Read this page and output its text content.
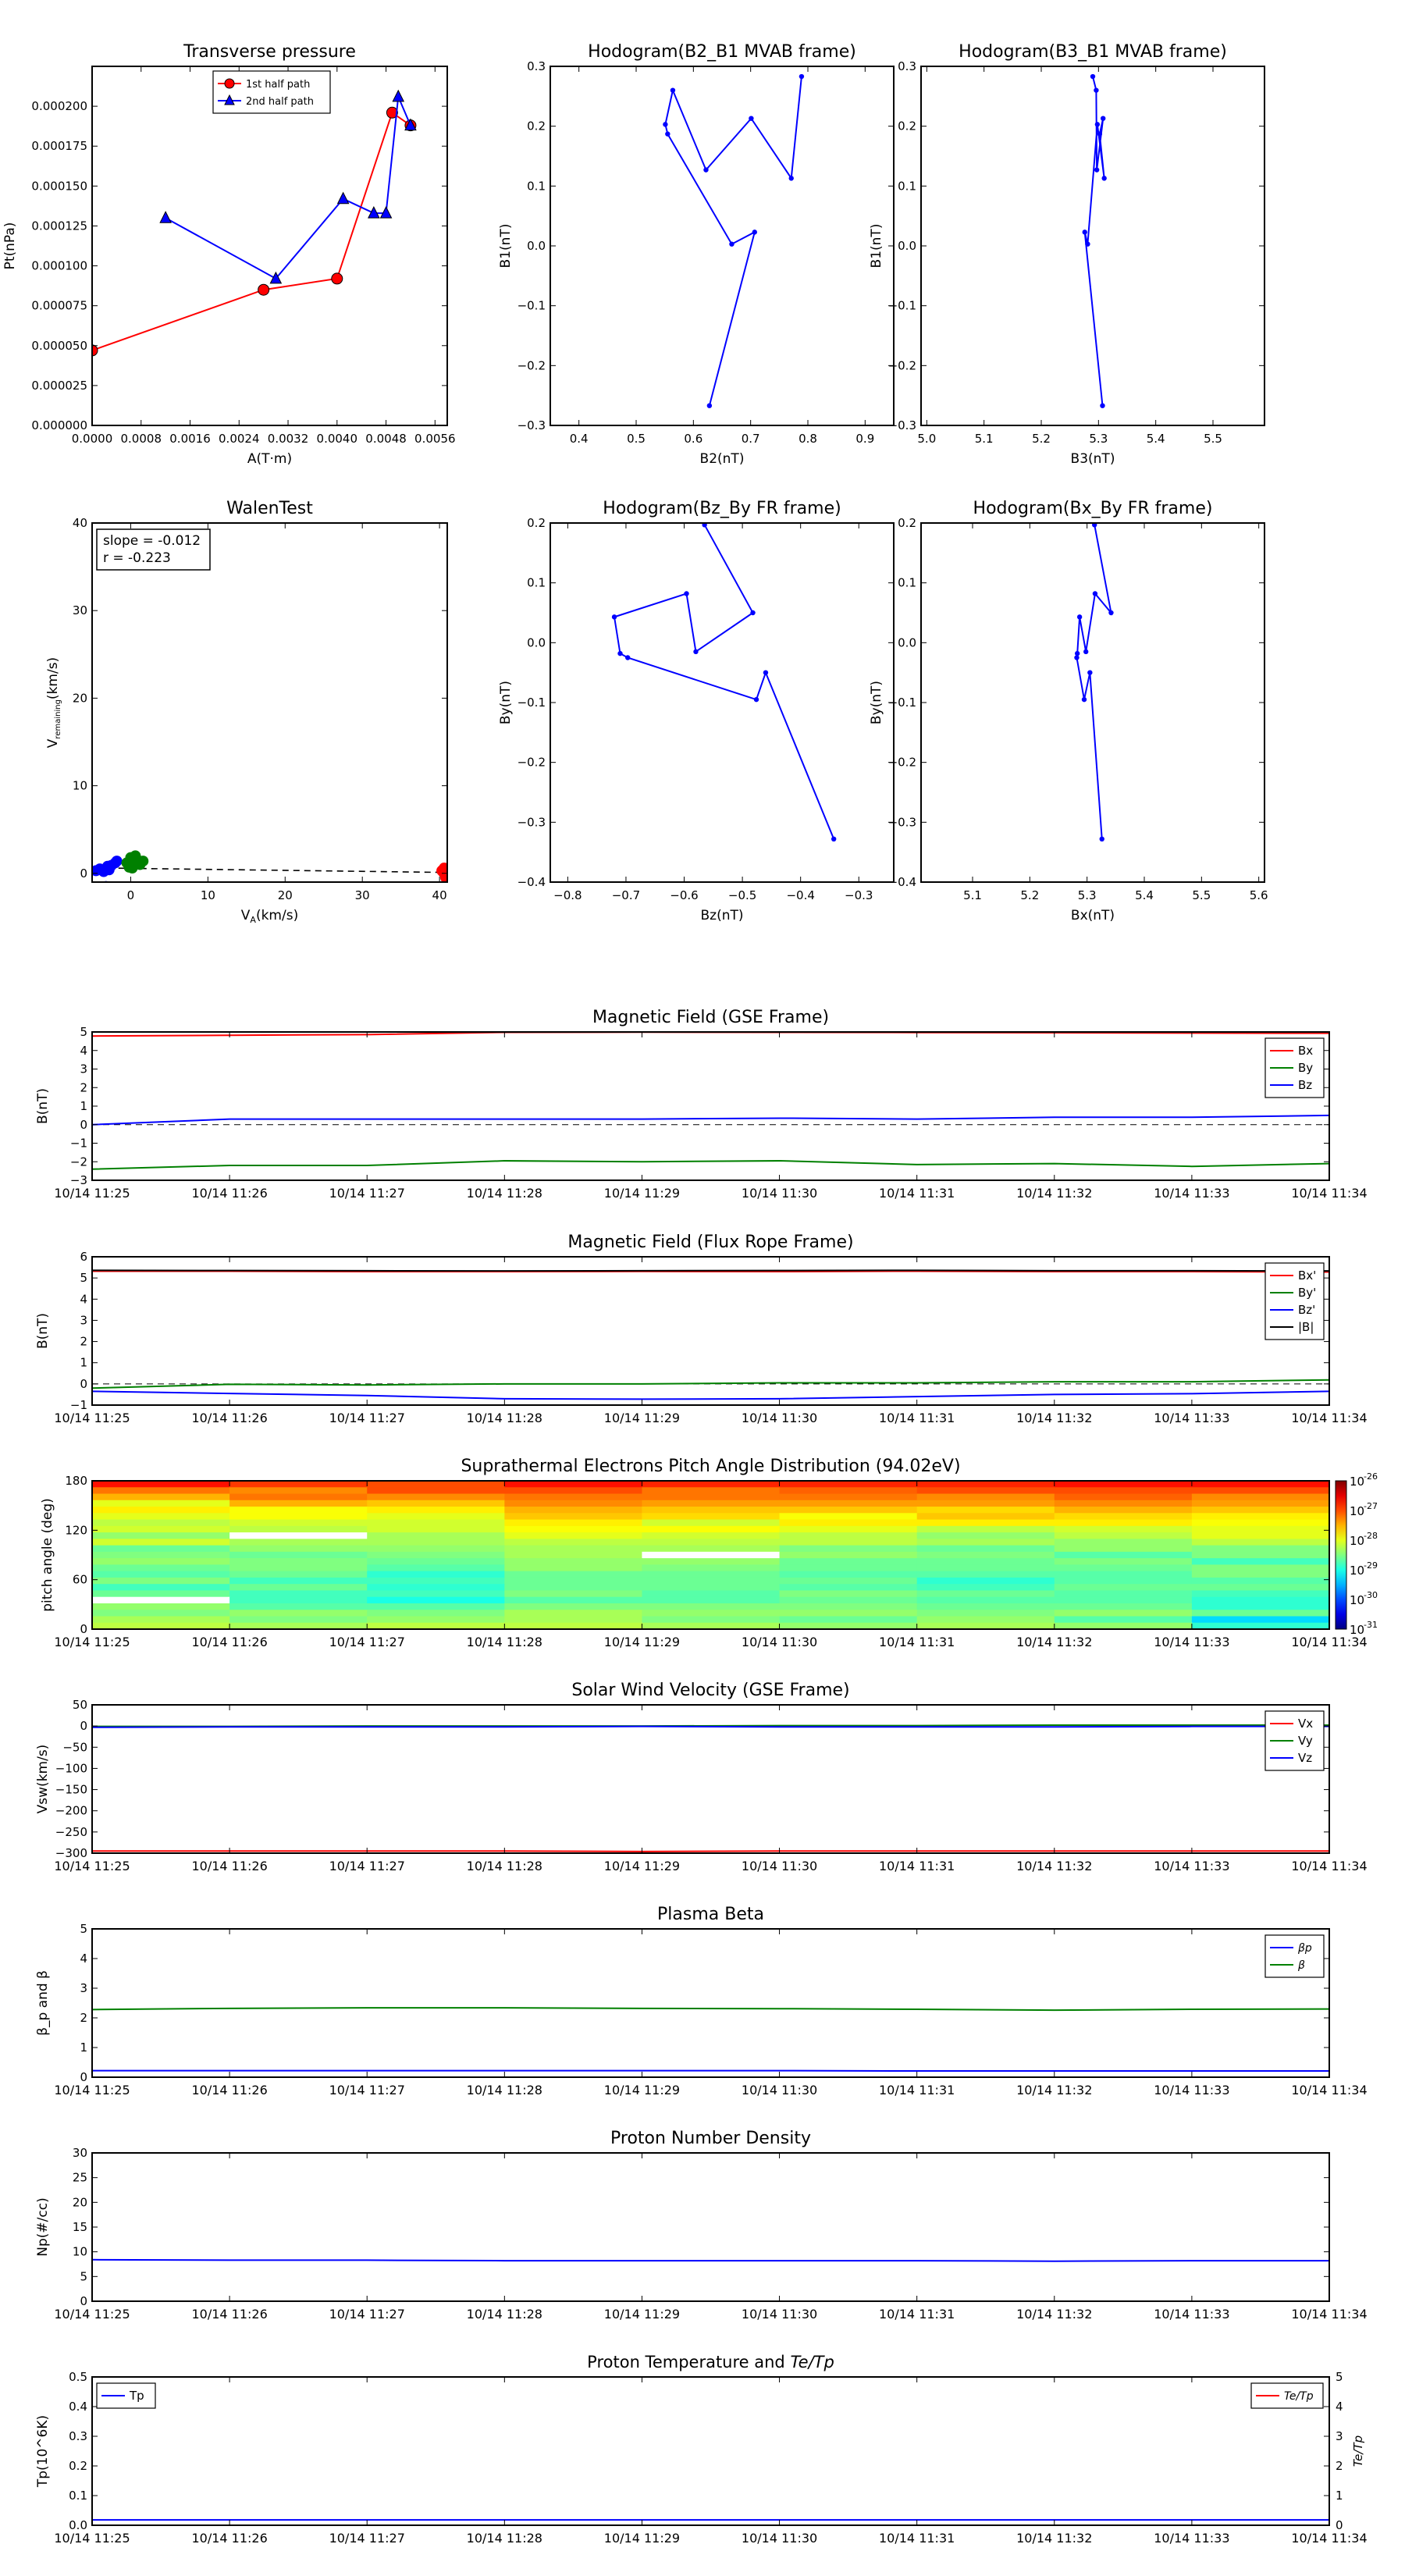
Transverse pressure
0.0000 0.0008 0.0016 0.0024 0.0032 0.0040 0.0048 0.0056
0.000000
0.000025
0.000050
0.000075
0.000100
0.000125
0.000150
0.000175
0.000200
A(T·m)
Pt(nPa)
1st half path
2nd half path
Hodogram(B2_B1 MVAB frame)
0.4	0.5	0.6	0.7	0.8	0.9
−0.3
−0.2
−0.1
0.0
0.1
0.2
0.3
B2(nT)
B1(nT)
Hodogram(B3_B1 MVAB frame)
5.0	5.1	5.2	5.3	5.4	5.5
−0.3
−0.2
−0.1
0.0
0.1
0.2
0.3
B3(nT)
B1(nT)
WalenTest
0	10	20	30	40
0
10
20
30
40
$V_A(km/s)$
$V_{remaining}(km/s)$
slope = -0.012
r = -0.223
Hodogram(Bz_By FR frame)
−0.8	−0.7	−0.6	−0.5	−0.4	−0.3
−0.4
−0.3
−0.2
−0.1
0.0
0.1
0.2
Bz(nT)
By(nT)
Hodogram(Bx_By FR frame)
5.1	5.2	5.3	5.4	5.5	5.6
−0.4
−0.3
−0.2
−0.1
0.0
0.1
0.2
Bx(nT)
By(nT)
Magnetic Field (GSE Frame)
10/14 11:25	10/14 11:26	10/14 11:27	10/14 11:28	10/14 11:29	10/14 11:30	10/14 11:31	10/14 11:32	10/14 11:33	10/14 11:34
−3
−2
−1
0
1
2
3
4
5
B(nT)
Bx
By
Bz
Magnetic Field (Flux Rope Frame)
10/14 11:25	10/14 11:26	10/14 11:27	10/14 11:28	10/14 11:29	10/14 11:30	10/14 11:31	10/14 11:32	10/14 11:33	10/14 11:34
−1
0
1
2
3
4
5
6
B(nT)
Bx'
By'
Bz'
|B|
Suprathermal Electrons Pitch Angle Distribution (94.02eV)
10
-26
10
-27
10
-28
10
-29
10
-30
10
-31
10/14 11:25	10/14 11:26	10/14 11:27	10/14 11:28	10/14 11:29	10/14 11:30	10/14 11:31	10/14 11:32	10/14 11:33	10/14 11:34
0
60
120
180
pitch angle (deg)
Solar Wind Velocity (GSE Frame)
10/14 11:25	10/14 11:26	10/14 11:27	10/14 11:28	10/14 11:29	10/14 11:30	10/14 11:31	10/14 11:32	10/14 11:33	10/14 11:34
−300
−250
−200
−150
−100
−50
0
50
Vsw(km/s)
Vx
Vy
Vz
Plasma Beta
10/14 11:25	10/14 11:26	10/14 11:27	10/14 11:28	10/14 11:29	10/14 11:30	10/14 11:31	10/14 11:32	10/14 11:33	10/14 11:34
0
1
2
3
4
5
β_p and β
βp
β
Proton Number Density
10/14 11:25	10/14 11:26	10/14 11:27	10/14 11:28	10/14 11:29	10/14 11:30	10/14 11:31	10/14 11:32	10/14 11:33	10/14 11:34
0
5
10
15
20
25
30
Np(#/cc)
Proton Temperature and Te/Tp
10/14 11:25	10/14 11:26	10/14 11:27	10/14 11:28	10/14 11:29	10/14 11:30	10/14 11:31	10/14 11:32	10/14 11:33	10/14 11:34
0.0
0.1
0.2
0.3
0.4
0.5
0
1
2
3
4
5
Te/Tp
Tp(10^6K)
Tp	Te/Tp
